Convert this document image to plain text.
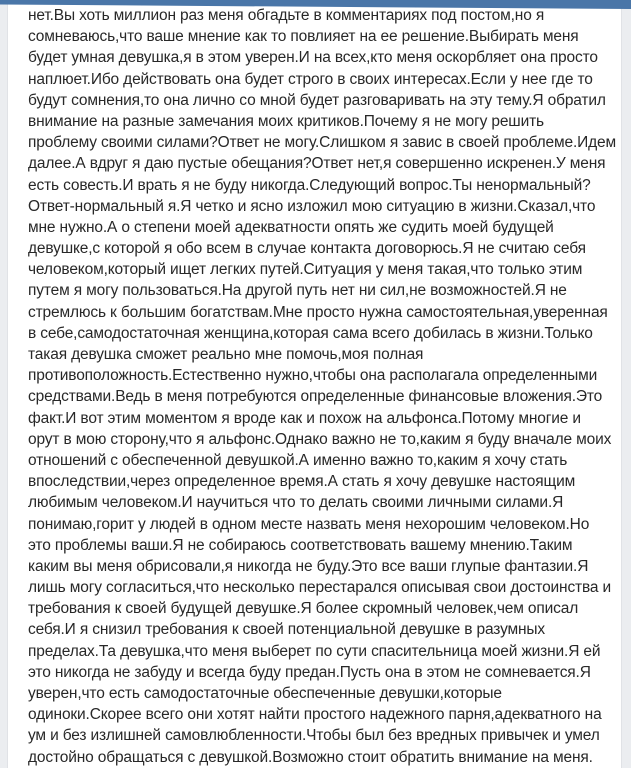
нет.Вы хоть миллион раз меня обгадьте в комментариях под постом,но я
сомневаюсь,что ваше мнение как то повлияет на ее решение.Выбирать меня
будет умная девушка,я в этом уверен.И на всех,кто меня оскорбляет она просто
наплюет.Ибо действовать она будет строго в своих интересах.Если у нее где то
будут сомнения,то она лично со мной будет разговаривать на эту тему.Я обратил
внимание на разные замечания моих критиков.Почему я не могу решить
проблему своими силами?Ответ не могу.Слишком я завис в своей проблеме.Идем
далее.А вдруг я даю пустые обещания?Ответ нет,я совершенно искренен.У меня
есть совесть.И врать я не буду никогда.Следующий вопрос.Ты ненормальный?
Ответ-нормальный я.Я четко и ясно изложил мою ситуацию в жизни.Сказал,что
мне нужно.А о степени моей адекватности опять же судить моей будущей
девушке,с которой я обо всем в случае контакта договорюсь.Я не считаю себя
человеком,который ищет легких путей.Ситуация у меня такая,что только этим
путем я могу пользоваться.На другой путь нет ни сил,не возможностей.Я не
стремлюсь к большим богатствам.Мне просто нужна самостоятельная,уверенная
в себе,самодостаточная женщина,которая сама всего добилась в жизни.Только
такая девушка сможет реально мне помочь,моя полная
противоположность.Естественно нужно,чтобы она располагала определенными
средствами.Ведь в меня потребуются определенные финансовые вложения.Это
факт.И вот этим моментом я вроде как и похож на альфонса.Потому многие и
орут в мою сторону,что я альфонс.Однако важно не то,каким я буду вначале моих
отношений с обеспеченной девушкой.А именно важно то,каким я хочу стать
впоследствии,через определенное время.А стать я хочу девушке настоящим
любимым человеком.И научиться что то делать своими личными силами.Я
понимаю,горит у людей в одном месте назвать меня нехорошим человеком.Но
это проблемы ваши.Я не собираюсь соответствовать вашему мнению.Таким
каким вы меня обрисовали,я никогда не буду.Это все ваши глупые фантазии.Я
лишь могу согласиться,что несколько перестарался описывая свои достоинства и
требования к своей будущей девушке.Я более скромный человек,чем описал
себя.И я снизил требования к своей потенциальной девушке в разумных
пределах.Та девушка,что меня выберет по сути спасительница моей жизни.Я ей
это никогда не забуду и всегда буду предан.Пусть она в этом не сомневается.Я
уверен,что есть самодостаточные обеспеченные девушки,которые
одиноки.Скорее всего они хотят найти простого надежного парня,адекватного на
ум и без излишней самовлюбленности.Чтобы был без вредных привычек и умел
достойно обращаться с девушкой.Возможно стоит обратить внимание на меня.
